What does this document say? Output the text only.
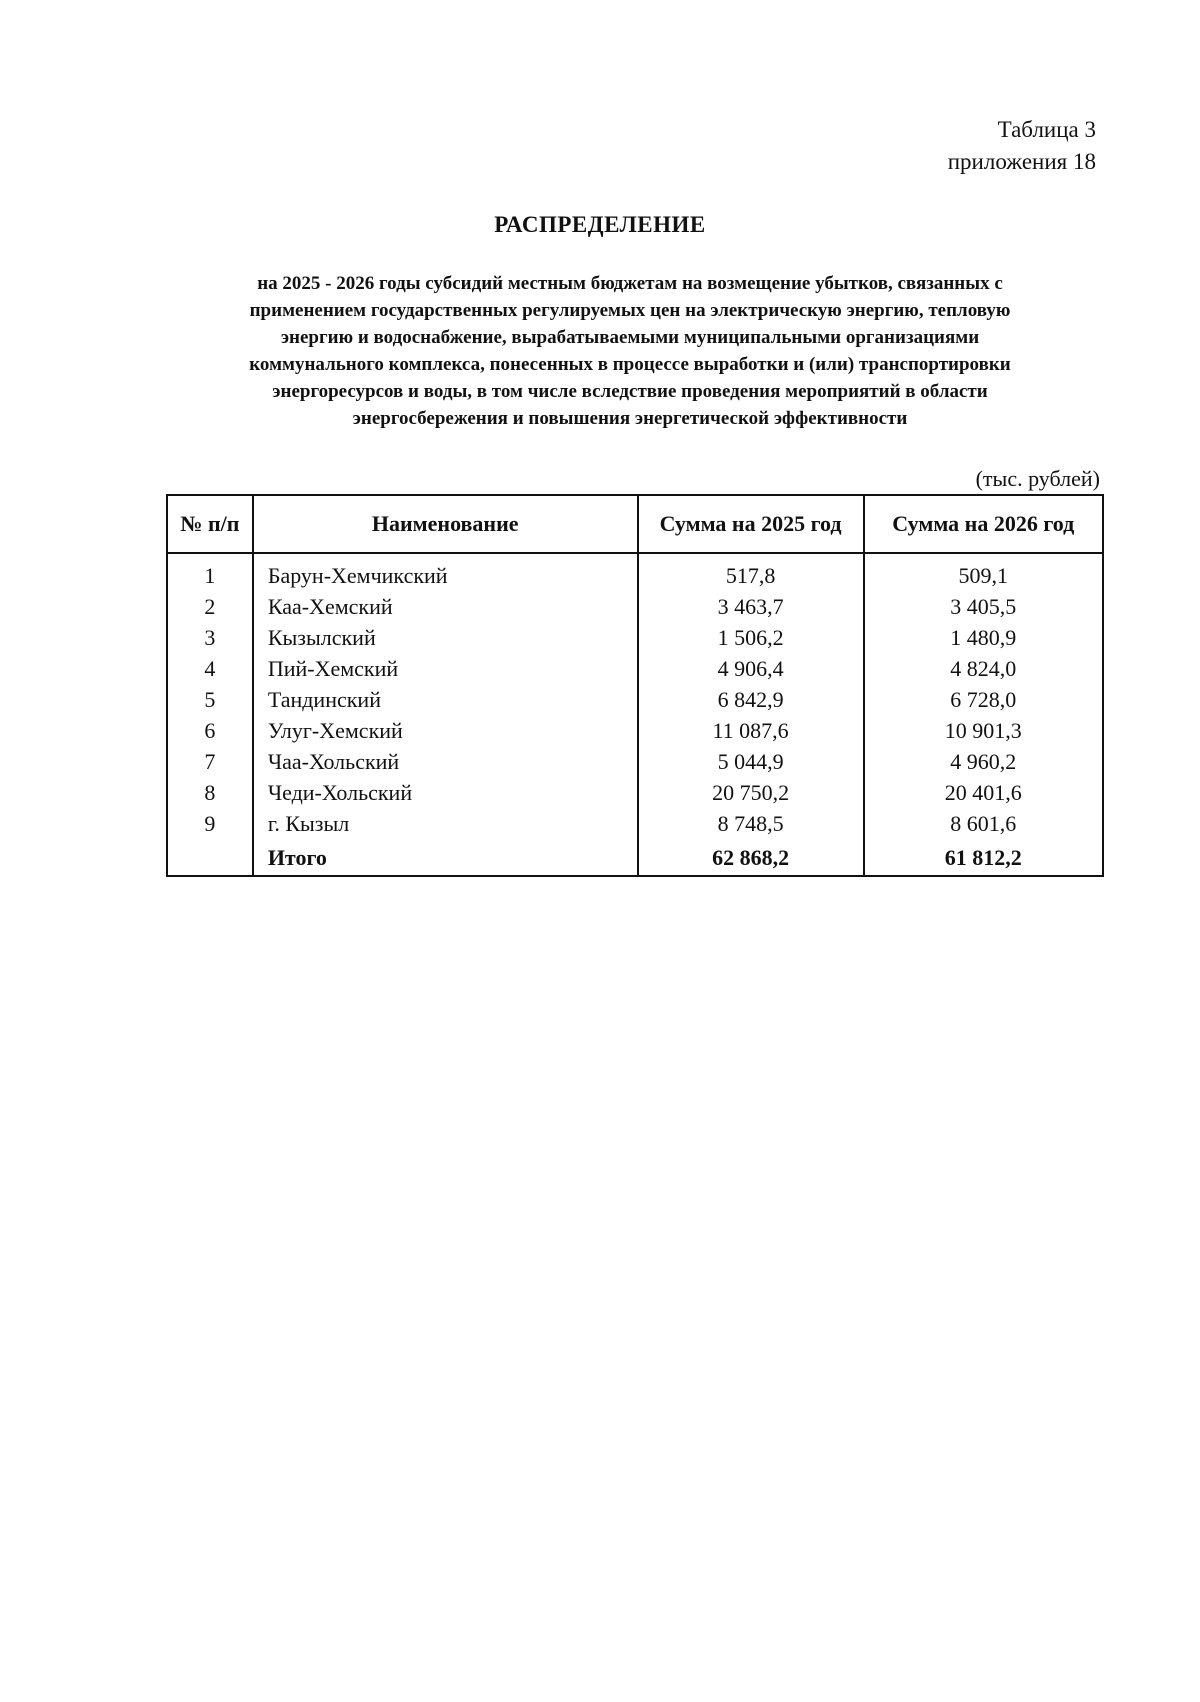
Таблица 3
приложения 18
РАСПРЕДЕЛЕНИЕ
на 2025 - 2026 годы субсидий местным бюджетам на возмещение убытков, связанных с
применением государственных регулируемых цен на электрическую энергию, тепловую
энергию и водоснабжение, вырабатываемыми муниципальными организациями
коммунального комплекса, понесенных в процессе выработки и (или) транспортировки
энергоресурсов и воды, в том числе вследствие проведения мероприятий в области
энергосбережения и повышения энергетической эффективности
(тыс. рублей)
№ п/п	Наименование	Сумма на 2025 год	Сумма на 2026 год
1	Барун-Хемчикский	517,8	509,1
2	Каа-Хемский	3 463,7	3 405,5
3	Кызылский	1 506,2	1 480,9
4	Пий-Хемский	4 906,4	4 824,0
5	Тандинский	6 842,9	6 728,0
6	Улуг-Хемский	11 087,6	10 901,3
7	Чаа-Хольский	5 044,9	4 960,2
8	Чеди-Хольский	20 750,2	20 401,6
9	г. Кызыл	8 748,5	8 601,6
	Итого	62 868,2	61 812,2
